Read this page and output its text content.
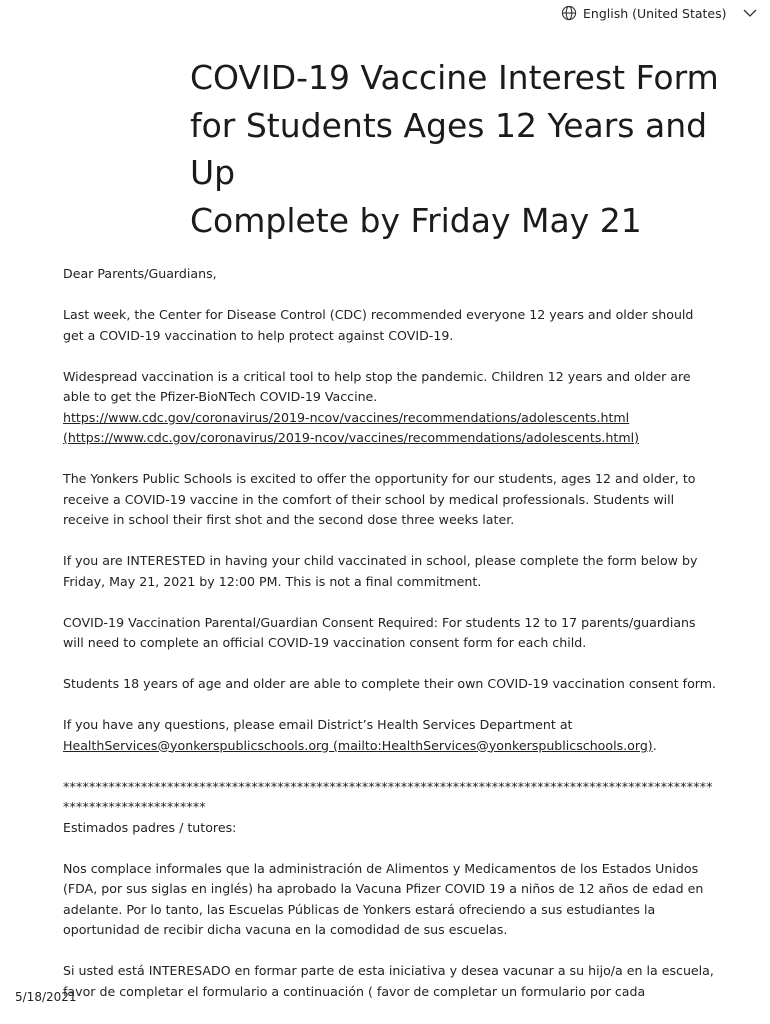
English (United States)
COVID-19 Vaccine Interest Form
for Students Ages 12 Years and
Up
Complete by Friday May 21

Dear Parents/Guardians,

Last week, the Center for Disease Control (CDC) recommended everyone 12 years and older should get a COVID-19 vaccination to help protect against COVID-19.

Widespread vaccination is a critical tool to help stop the pandemic. Children 12 years and older are able to get the Pfizer-BioNTech COVID-19 Vaccine.
https://www.cdc.gov/coronavirus/2019-ncov/vaccines/recommendations/adolescents.html
(https://www.cdc.gov/coronavirus/2019-ncov/vaccines/recommendations/adolescents.html)

The Yonkers Public Schools is excited to offer the opportunity for our students, ages 12 and older, to receive a COVID-19 vaccine in the comfort of their school by medical professionals. Students will receive in school their first shot and the second dose three weeks later.

If you are INTERESTED in having your child vaccinated in school, please complete the form below by Friday, May 21, 2021 by 12:00 PM. This is not a final commitment.

COVID-19 Vaccination Parental/Guardian Consent Required: For students 12 to 17 parents/guardians will need to complete an official COVID-19 vaccination consent form for each child.

Students 18 years of age and older are able to complete their own COVID-19 vaccination consent form.

If you have any questions, please email District’s Health Services Department at
HealthServices@yonkerspublicschools.org (mailto:HealthServices@yonkerspublicschools.org).

**************************************************************************************************************************

Estimados padres / tutores:

Nos complace informales que la administración de Alimentos y Medicamentos de los Estados Unidos (FDA, por sus siglas en inglés) ha aprobado la Vacuna Pfizer COVID 19 a niños de 12 años de edad en adelante. Por lo tanto, las Escuelas Públicas de Yonkers estará ofreciendo a sus estudiantes la oportunidad de recibir dicha vacuna en la comodidad de sus escuelas.

Si usted está INTERESADO en formar parte de esta iniciativa y desea vacunar a su hijo/a en la escuela, favor de completar el formulario a continuación ( favor de completar un formulario por cada

5/18/2021
